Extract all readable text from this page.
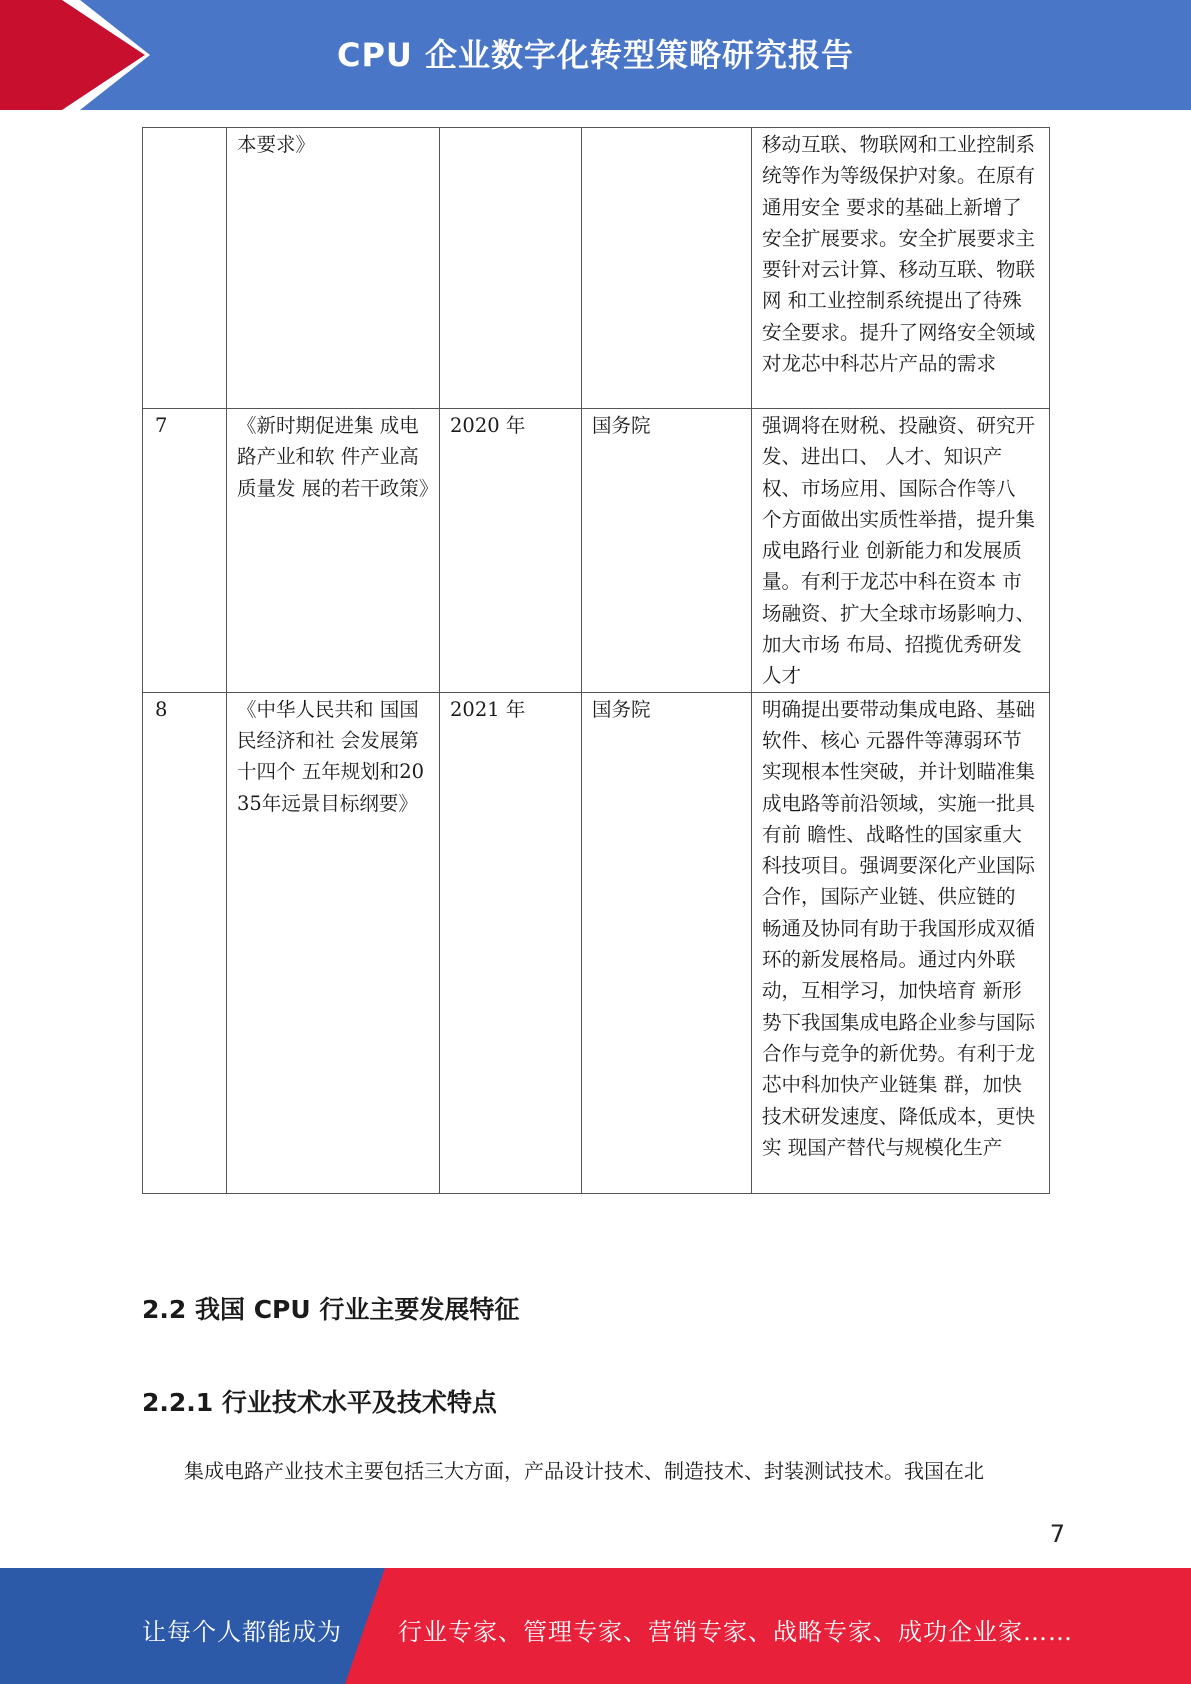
CPU 企业数字化转型策略研究报告
	本要求》			移动互联、物联网和工业控制系统等作为等级保护对象。在原有通用安全 要求的基础上新增了安全扩展要求。安全扩展要求主要针对云计算、移动互联、物联网 和工业控制系统提出了待殊安全要求。提升了网络安全领域对龙芯中科芯片产品的需求
7	《新时期促进集 成电路产业和软 件产业高质量发 展的若干政策》	2020 年	国务院	强调将在财税、投融资、研究开发、进出口、 人才、知识产权、市场应用、国际合作等八 个方面做出实质性举措，提升集成电路行业 创新能力和发展质量。有利于龙芯中科在资本 市场融资、扩大全球市场影响力、加大市场 布局、招揽优秀研发人才
8	《中华人民共和 国国民经济和社 会发展第十四个 五年规划和2035年远景目标纲要》	2021 年	国务院	明确提出要带动集成电路、基础软件、核心 元器件等薄弱环节实现根本性突破，并计划瞄准集成电路等前沿领域，实施一批具有前 瞻性、战略性的国家重大科技项目。强调要深化产业国际合作，国际产业链、供应链的 畅通及协同有助于我国形成双循环的新发展格局。通过内外联动，互相学习，加快培育 新形势下我国集成电路企业参与国际合作与竞争的新优势。有利于龙芯中科加快产业链集 群，加快技术研发速度、降低成本，更快实 现国产替代与规模化生产
2.2 我国 CPU 行业主要发展特征
2.2.1 行业技术水平及技术特点
集成电路产业技术主要包括三大方面，产品设计技术、制造技术、封装测试技术。我国在北
7
让每个人都能成为 行业专家、管理专家、营销专家、战略专家、成功企业家……
